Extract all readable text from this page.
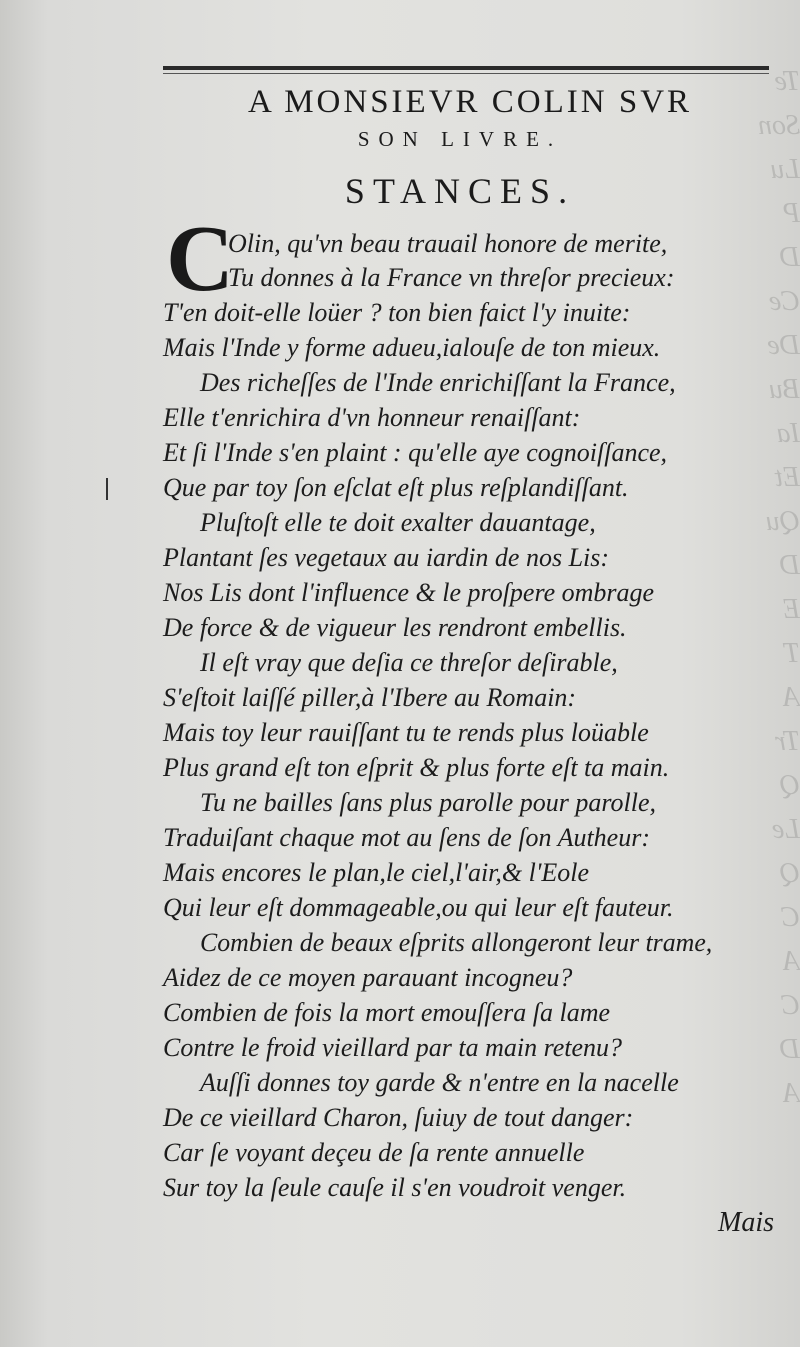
Te
Son
Lu
P
D
Ce
De
Bu
Ia
Et
Qu
D
E
T
A
Tr
Q
Le
Q
C
A
C
D
A
A MONSIEVR COLIN SVR
SON LIVRE.
STANCES.
C
Olin, qu'vn beau trauail honore de merite,
Tu donnes à la France vn threſor precieux:
T'en doit-elle loüer ? ton bien faict l'y inuite:
Mais l'Inde y forme adueu,ialouſe de ton mieux.
Des richeſſes de l'Inde enrichiſſant la France,
Elle t'enrichira d'vn honneur renaiſſant:
Et ſi l'Inde s'en plaint : qu'elle aye cognoiſſance,
Que par toy ſon eſclat eſt plus reſplandiſſant.
Pluſtoſt elle te doit exalter dauantage,
Plantant ſes vegetaux au iardin de nos Lis:
Nos Lis dont l'influence & le proſpere ombrage
De force & de vigueur les rendront embellis.
Il eſt vray que deſia ce threſor deſirable,
S'eſtoit laiſſé piller,à l'Ibere au Romain:
Mais toy leur rauiſſant tu te rends plus loüable
Plus grand eſt ton eſprit & plus forte eſt ta main.
Tu ne bailles ſans plus parolle pour parolle,
Traduiſant chaque mot au ſens de ſon Autheur:
Mais encores le plan,le ciel,l'air,& l'Eole
Qui leur eſt dommageable,ou qui leur eſt fauteur.
Combien de beaux eſprits allongeront leur trame,
Aidez de ce moyen parauant incogneu?
Combien de fois la mort emouſſera ſa lame
Contre le froid vieillard par ta main retenu?
Auſſi donnes toy garde & n'entre en la nacelle
De ce vieillard Charon, ſuiuy de tout danger:
Car ſe voyant deçeu de ſa rente annuelle
Sur toy la ſeule cauſe il s'en voudroit venger.
Mais
